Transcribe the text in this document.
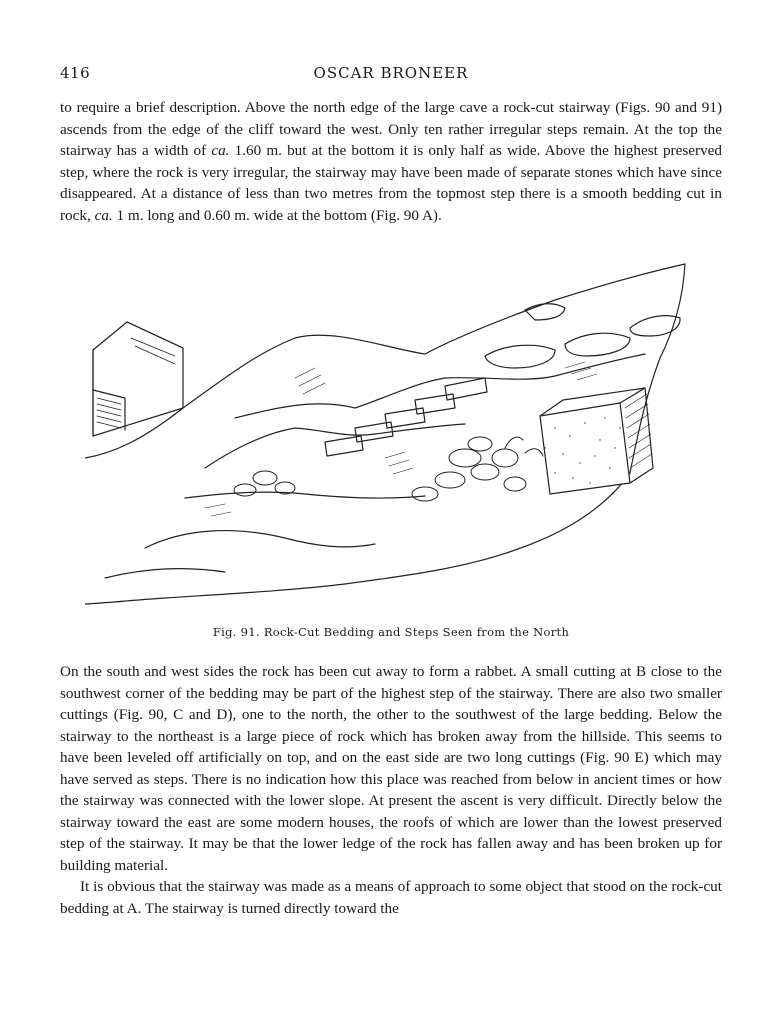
416	OSCAR BRONEER

to require a brief description. Above the north edge of the large cave a rock-cut stairway (Figs. 90 and 91) ascends from the edge of the cliff toward the west. Only ten rather irregular steps remain. At the top the stairway has a width of ca. 1.60 m. but at the bottom it is only half as wide. Above the highest preserved step, where the rock is very irregular, the stairway may have been made of separate stones which have since disappeared. At a distance of less than two metres from the topmost step there is a smooth bedding cut in rock, ca. 1 m. long and 0.60 m. wide at the bottom (Fig. 90 A).

Fig. 91. Rock-Cut Bedding and Steps Seen from the North

On the south and west sides the rock has been cut away to form a rabbet. A small cutting at B close to the southwest corner of the bedding may be part of the highest step of the stairway. There are also two smaller cuttings (Fig. 90, C and D), one to the north, the other to the southwest of the large bedding. Below the stairway to the northeast is a large piece of rock which has broken away from the hillside. This seems to have been leveled off artificially on top, and on the east side are two long cuttings (Fig. 90 E) which may have served as steps. There is no indication how this place was reached from below in ancient times or how the stairway was connected with the lower slope. At present the ascent is very difficult. Directly below the stairway toward the east are some modern houses, the roofs of which are lower than the lowest preserved step of the stairway. It may be that the lower ledge of the rock has fallen away and has been broken up for building material.

It is obvious that the stairway was made as a means of approach to some object that stood on the rock-cut bedding at A. The stairway is turned directly toward the
